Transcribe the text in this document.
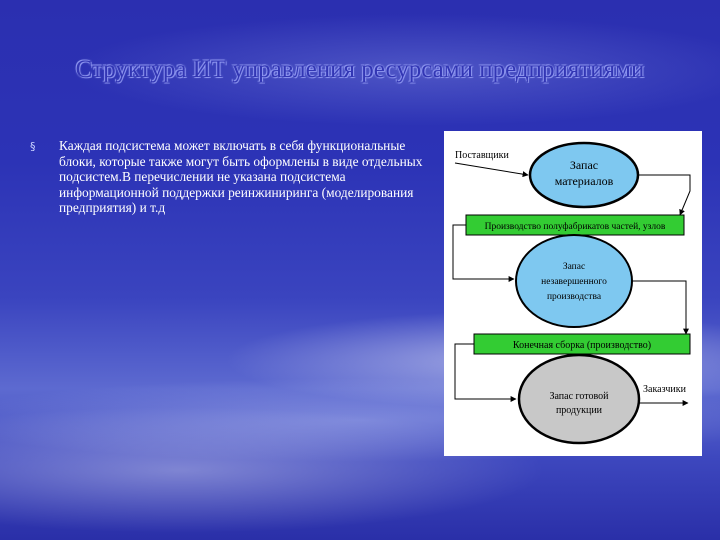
Структура ИТ управления ресурсами предприятиями
§ Каждая подсистема может включать в себя функциональные блоки, которые также могут быть оформлены в виде отдельных подсистем.В перечислении не указана подсистема информационной поддержки реинжиниринга (моделирования предприятия) и т.д
Запас
материалов
Поставщики
Производство полуфабрикатов частей, узлов
Запас
незавершенного
производства
Конечная сборка (производство)
Запас готовой
продукции
Заказчики
